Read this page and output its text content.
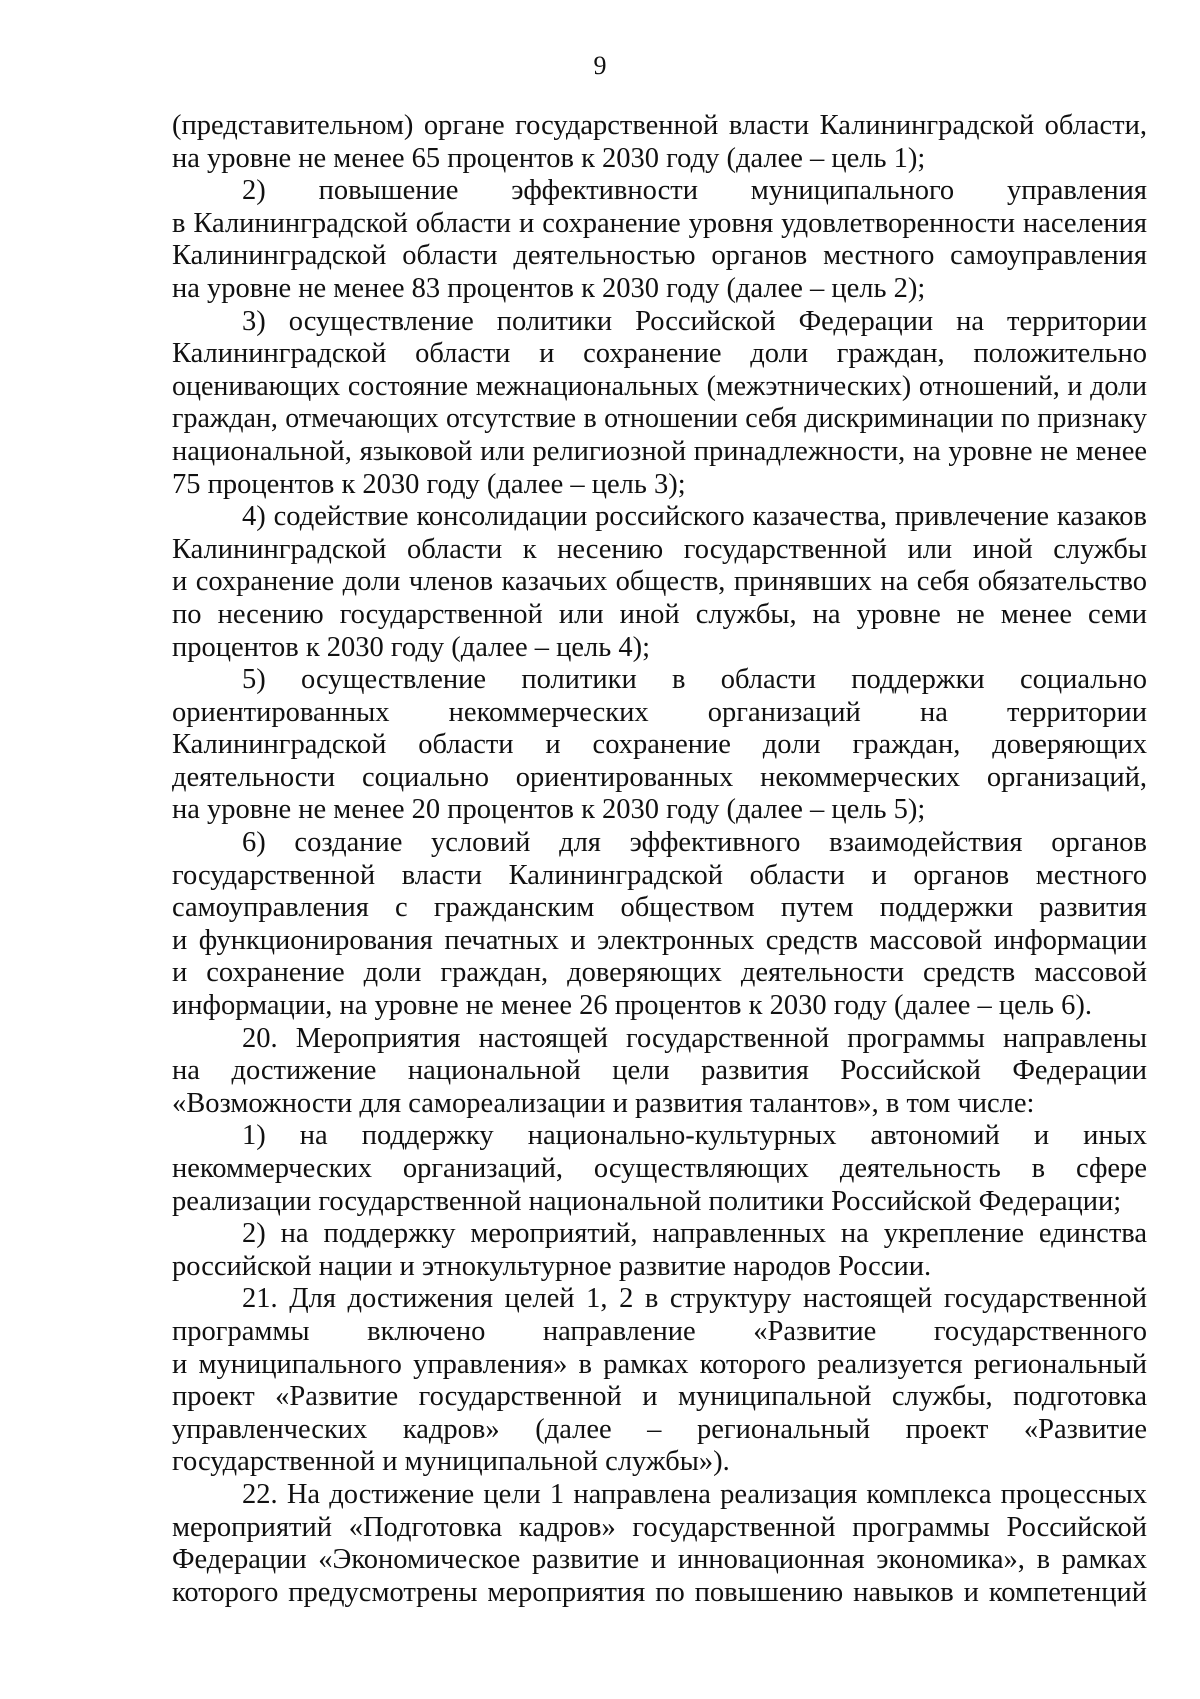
9
(представительном) органе государственной власти Калининградской области,
на уровне не менее 65 процентов к 2030 году (далее – цель 1);
2) повышение эффективности муниципального управления
в Калининградской области и сохранение уровня удовлетворенности населения
Калининградской области деятельностью органов местного самоуправления
на уровне не менее 83 процентов к 2030 году (далее – цель 2);
3) осуществление политики Российской Федерации на территории
Калининградской области и сохранение доли граждан, положительно
оценивающих состояние межнациональных (межэтнических) отношений, и доли
граждан, отмечающих отсутствие в отношении себя дискриминации по признаку
национальной, языковой или религиозной принадлежности, на уровне не менее
75 процентов к 2030 году (далее – цель 3);
4) содействие консолидации российского казачества, привлечение казаков
Калининградской области к несению государственной или иной службы
и сохранение доли членов казачьих обществ, принявших на себя обязательство
по несению государственной или иной службы, на уровне не менее семи
процентов к 2030 году (далее – цель 4);
5) осуществление политики в области поддержки социально
ориентированных некоммерческих организаций на территории
Калининградской области и сохранение доли граждан, доверяющих
деятельности социально ориентированных некоммерческих организаций,
на уровне не менее 20 процентов к 2030 году (далее – цель 5);
6) создание условий для эффективного взаимодействия органов
государственной власти Калининградской области и органов местного
самоуправления с гражданским обществом путем поддержки развития
и функционирования печатных и электронных средств массовой информации
и сохранение доли граждан, доверяющих деятельности средств массовой
информации, на уровне не менее 26 процентов к 2030 году (далее – цель 6).
20. Мероприятия настоящей государственной программы направлены
на достижение национальной цели развития Российской Федерации
«Возможности для самореализации и развития талантов», в том числе:
1) на поддержку национально-культурных автономий и иных
некоммерческих организаций, осуществляющих деятельность в сфере
реализации государственной национальной политики Российской Федерации;
2) на поддержку мероприятий, направленных на укрепление единства
российской нации и этнокультурное развитие народов России.
21. Для достижения целей 1, 2 в структуру настоящей государственной
программы включено направление «Развитие государственного
и муниципального управления» в рамках которого реализуется региональный
проект «Развитие государственной и муниципальной службы, подготовка
управленческих кадров» (далее – региональный проект «Развитие
государственной и муниципальной службы»).
22. На достижение цели 1 направлена реализация комплекса процессных
мероприятий «Подготовка кадров» государственной программы Российской
Федерации «Экономическое развитие и инновационная экономика», в рамках
которого предусмотрены мероприятия по повышению навыков и компетенций
